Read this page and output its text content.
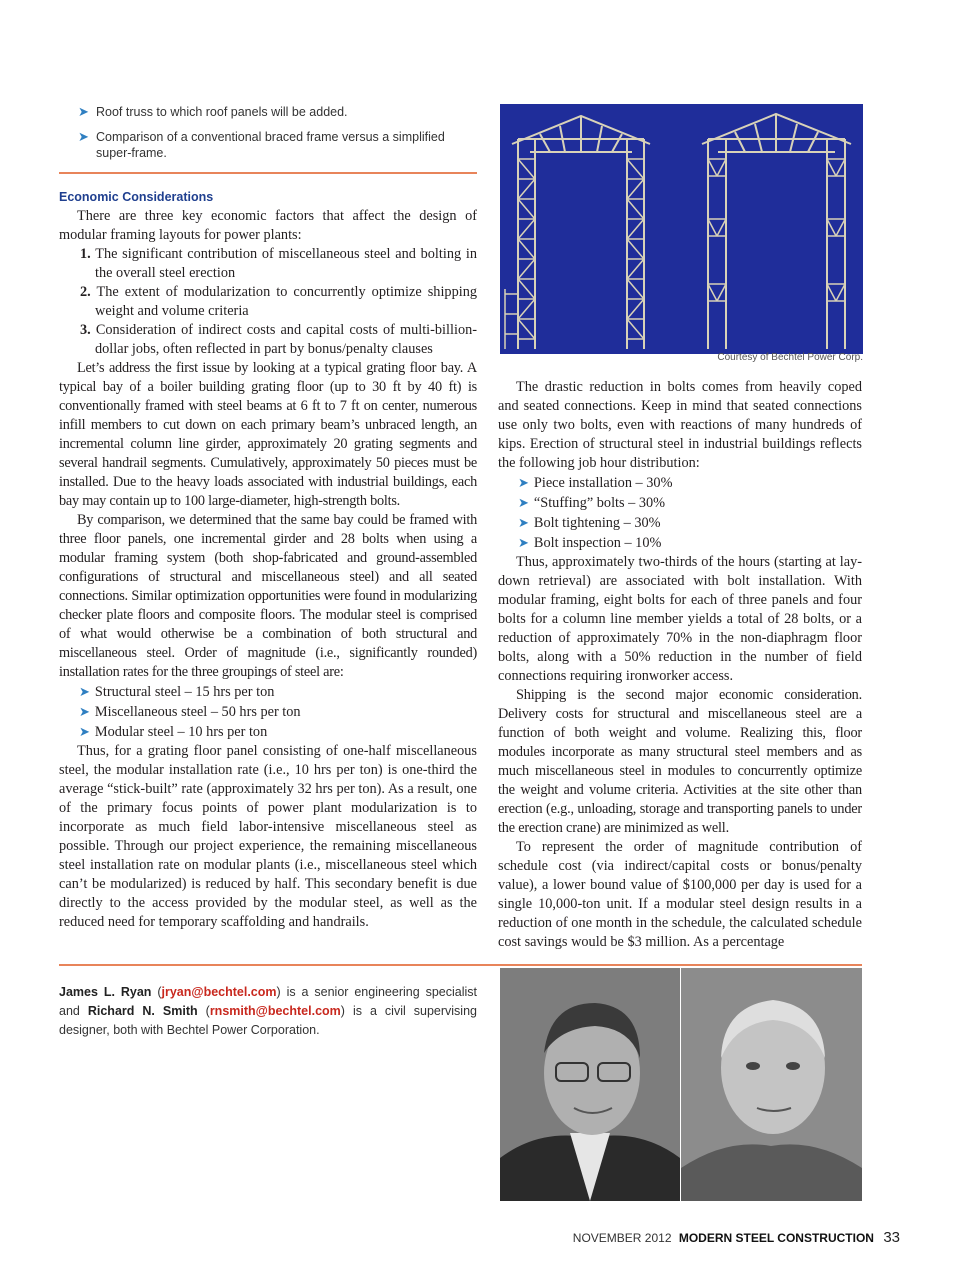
➤ Roof truss to which roof panels will be added.
➤ Comparison of a conventional braced frame versus a simplified super-frame.
Economic Considerations

There are three key economic factors that affect the design of modular framing layouts for power plants:

1. The significant contribution of miscellaneous steel and bolting in the overall steel erection

2. The extent of modularization to concurrently optimize shipping weight and volume criteria

3. Consideration of indirect costs and capital costs of multi-billion-dollar jobs, often reflected in part by bonus/penalty clauses

Let’s address the first issue by looking at a typical grating floor bay. A typical bay of a boiler building grating floor (up to 30 ft by 40 ft) is conventionally framed with steel beams at 6 ft to 7 ft on center, numerous infill members to cut down on each primary beam’s unbraced length, an incremental column line girder, approximately 20 grating segments and several handrail segments. Cumulatively, approximately 50 pieces must be installed. Due to the heavy loads associated with industrial buildings, each bay may contain up to 100 large-diameter, high-strength bolts.

By comparison, we determined that the same bay could be framed with three floor panels, one incremental girder and 28 bolts when using a modular framing system (both shop-fabricated and ground-assembled configurations of structural and miscellaneous steel) and all seated connections. Similar optimization opportunities were found in modularizing checker plate floors and composite floors. The modular steel is comprised of what would otherwise be a combination of both structural and miscellaneous steel. Order of magnitude (i.e., significantly rounded) installation rates for the three groupings of steel are:

➤ Structural steel – 15 hrs per ton

➤ Miscellaneous steel – 50 hrs per ton

➤ Modular steel – 10 hrs per ton

Thus, for a grating floor panel consisting of one-half miscellaneous steel, the modular installation rate (i.e., 10 hrs per ton) is one-third the average “stick-built” rate (approximately 32 hrs per ton). As a result, one of the primary focus points of power plant modularization is to incorporate as much field labor-intensive miscellaneous steel as possible. Through our project experience, the remaining miscellaneous steel installation rate on modular plants (i.e., miscellaneous steel which can’t be modularized) is reduced by half. This secondary benefit is due directly to the access provided by the modular steel, as well as the reduced need for temporary scaffolding and handrails.

Courtesy of Bechtel Power Corp.

The drastic reduction in bolts comes from heavily coped and seated connections. Keep in mind that seated connections use only two bolts, even with reactions of many hundreds of kips. Erection of structural steel in industrial buildings reflects the following job hour distribution:

➤ Piece installation – 30%

➤ “Stuffing” bolts – 30%

➤ Bolt tightening – 30%

➤ Bolt inspection – 10%

Thus, approximately two-thirds of the hours (starting at lay-down retrieval) are associated with bolt installation. With modular framing, eight bolts for each of three panels and four bolts for a column line member yields a total of 28 bolts, or a reduction of approximately 70% in the non-diaphragm floor bolts, along with a 50% reduction in the number of field connections requiring ironworker access.

Shipping is the second major economic consideration. Delivery costs for structural and miscellaneous steel are a function of both weight and volume. Realizing this, floor modules incorporate as many structural steel members and as much miscellaneous steel in modules to concurrently optimize the weight and volume criteria. Activities at the site other than erection (e.g., unloading, storage and transporting panels to under the erection crane) are minimized as well.

To represent the order of magnitude contribution of schedule cost (via indirect/capital costs or bonus/penalty value), a lower bound value of $100,000 per day is used for a single 10,000-ton unit. If a modular steel design results in a reduction of one month in the schedule, the calculated schedule cost savings would be $3 million. As a percentage

James L. Ryan (jryan@bechtel.com) is a senior engineering specialist and Richard N. Smith (rnsmith@bechtel.com) is a civil supervising designer, both with Bechtel Power Corporation.
NOVEMBER 2012 MODERN STEEL CONSTRUCTION 33
